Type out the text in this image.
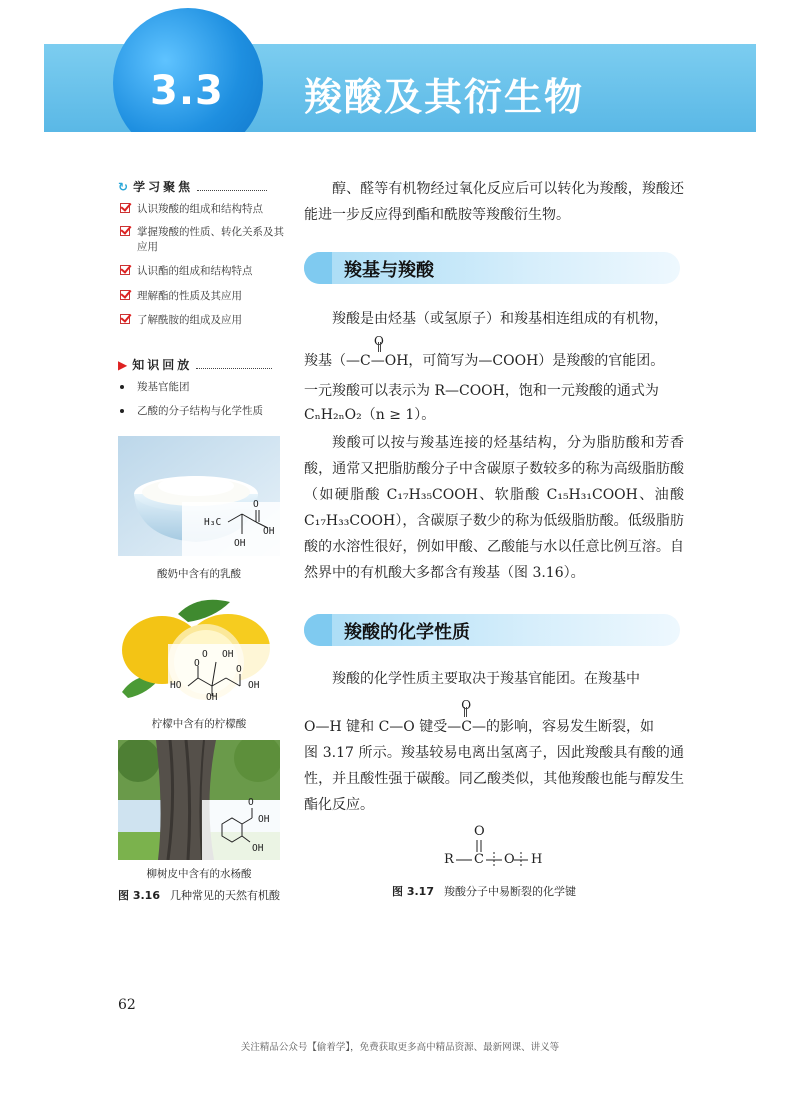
3.3 羧酸及其衍生物
↻ 学习聚焦
认识羧酸的组成和结构特点
掌握羧酸的性质、转化关系及其应用
认识酯的组成和结构特点
理解酯的性质及其应用
了解酰胺的组成及应用
▶ 知识回放
羧基官能团
乙酸的分子结构与化学性质
H₃C
O
OH
OH
酸奶中含有的乳酸
O OH
O
HO
OH
OH
O
柠檬中含有的柠檬酸
O
OH
OH
柳树皮中含有的水杨酸
图 3.16 几种常见的天然有机酸
醇、醛等有机物经过氧化反应后可以转化为羧酸，羧酸还能进一步反应得到酯和酰胺等羧酸衍生物。
羧基与羧酸
羧酸是由烃基（或氢原子）和羧基相连组成的有机物，
羧基（
O
—C—OH，可简写为—COOH）是羧酸的官能团。
一元羧酸可以表示为 R—COOH，饱和一元羧酸的通式为
CₙH₂ₙO₂（n ≥ 1）。
羧酸可以按与羧基连接的烃基结构，分为脂肪酸和芳香酸，通常又把脂肪酸分子中含碳原子数较多的称为高级脂肪酸（如硬脂酸 C₁₇H₃₅COOH、软脂酸 C₁₅H₃₁COOH、油酸 C₁₇H₃₃COOH），含碳原子数少的称为低级脂肪酸。低级脂肪酸的水溶性很好，例如甲酸、乙酸能与水以任意比例互溶。自然界中的有机酸大多都含有羧基（图 3.16）。
羧酸的化学性质
羧酸的化学性质主要取决于羧基官能团。在羧基中
O—H 键和 C—O 键受
O
—C—的影响，容易发生断裂，如
图 3.17 所示。羧基较易电离出氢离子，因此羧酸具有酸的通性，并且酸性强于碳酸。同乙酸类似，其他羧酸也能与醇发生酯化反应。
O
R C O H
图 3.17 羧酸分子中易断裂的化学键
62
关注精品公众号【偷着学】，免费获取更多高中精品资源、最新网课、讲义等
